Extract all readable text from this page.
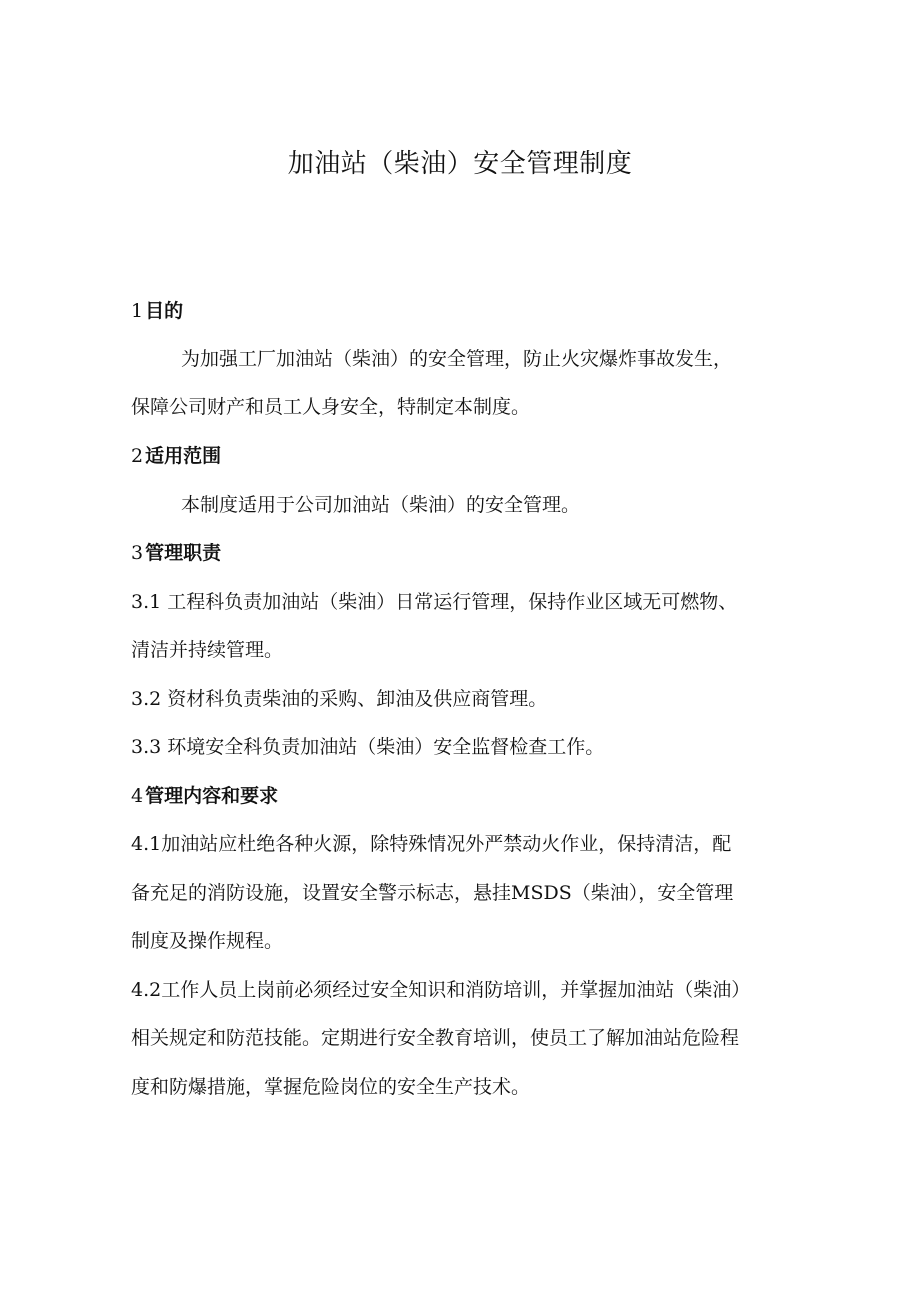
加油站（柴油）安全管理制度
1 目的
为加强工厂加油站（柴油）的安全管理，防止火灾爆炸事故发生，
保障公司财产和员工人身安全，特制定本制度。
2 适用范围
本制度适用于公司加油站（柴油）的安全管理。
3 管理职责
3.1 工程科负责加油站（柴油）日常运行管理，保持作业区域无可燃物、
清洁并持续管理。
3.2 资材科负责柴油的采购、卸油及供应商管理。
3.3 环境安全科负责加油站（柴油）安全监督检查工作。
4 管理内容和要求
4.1加油站应杜绝各种火源，除特殊情况外严禁动火作业，保持清洁，配
备充足的消防设施，设置安全警示标志，悬挂MSDS（柴油），安全管理
制度及操作规程。
4.2工作人员上岗前必须经过安全知识和消防培训，并掌握加油站（柴油）
相关规定和防范技能。定期进行安全教育培训，使员工了解加油站危险程
度和防爆措施，掌握危险岗位的安全生产技术。
